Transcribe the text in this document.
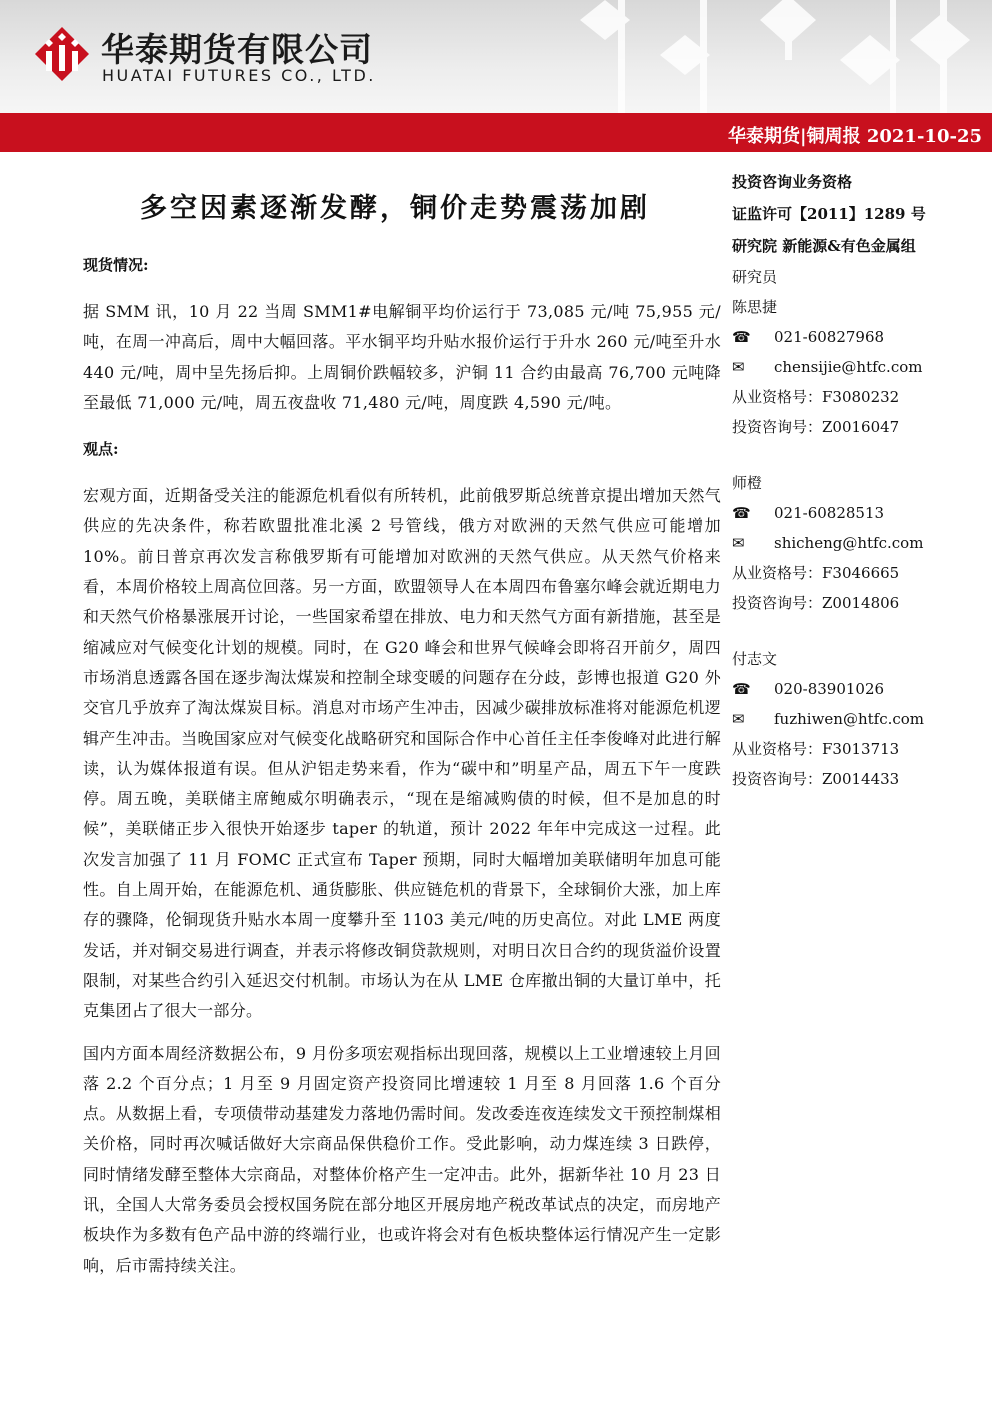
华泰期货有限公司
HUATAI FUTURES CO., LTD.
华泰期货|铜周报 2021-10-25
多空因素逐渐发酵，铜价走势震荡加剧
现货情况:

据 SMM 讯，10 月 22 当周 SMM1#电解铜平均价运行于 73,085 元/吨 75,955 元/吨，在周一冲高后，周中大幅回落。平水铜平均升贴水报价运行于升水 260 元/吨至升水 440 元/吨，周中呈先扬后抑。上周铜价跌幅较多，沪铜 11 合约由最高 76,700 元吨降至最低 71,000 元/吨，周五夜盘收 71,480 元/吨，周度跌 4,590 元/吨。

观点:

宏观方面，近期备受关注的能源危机看似有所转机，此前俄罗斯总统普京提出增加天然气供应的先决条件，称若欧盟批准北溪 2 号管线，俄方对欧洲的天然气供应可能增加 10%。前日普京再次发言称俄罗斯有可能增加对欧洲的天然气供应。从天然气价格来看，本周价格较上周高位回落。另一方面，欧盟领导人在本周四布鲁塞尔峰会就近期电力和天然气价格暴涨展开讨论，一些国家希望在排放、电力和天然气方面有新措施，甚至是缩减应对气候变化计划的规模。同时，在 G20 峰会和世界气候峰会即将召开前夕，周四市场消息透露各国在逐步淘汰煤炭和控制全球变暖的问题存在分歧，彭博也报道 G20 外交官几乎放弃了淘汰煤炭目标。消息对市场产生冲击，因减少碳排放标准将对能源危机逻辑产生冲击。当晚国家应对气候变化战略研究和国际合作中心首任主任李俊峰对此进行解读，认为媒体报道有误。但从沪铝走势来看，作为“碳中和”明星产品，周五下午一度跌停。周五晚，美联储主席鲍威尔明确表示，“现在是缩减购债的时候，但不是加息的时候”，美联储正步入很快开始逐步 taper 的轨道，预计 2022 年年中完成这一过程。此次发言加强了 11 月 FOMC 正式宣布 Taper 预期，同时大幅增加美联储明年加息可能性。自上周开始，在能源危机、通货膨胀、供应链危机的背景下，全球铜价大涨，加上库存的骤降，伦铜现货升贴水本周一度攀升至 1103 美元/吨的历史高位。对此 LME 两度发话，并对铜交易进行调查，并表示将修改铜贷款规则，对明日次日合约的现货溢价设置限制，对某些合约引入延迟交付机制。市场认为在从 LME 仓库撤出铜的大量订单中，托克集团占了很大一部分。

国内方面本周经济数据公布，9 月份多项宏观指标出现回落，规模以上工业增速较上月回落 2.2 个百分点；1 月至 9 月固定资产投资同比增速较 1 月至 8 月回落 1.6 个百分点。从数据上看，专项债带动基建发力落地仍需时间。发改委连夜连续发文干预控制煤相关价格，同时再次喊话做好大宗商品保供稳价工作。受此影响，动力煤连续 3 日跌停，同时情绪发酵至整体大宗商品，对整体价格产生一定冲击。此外，据新华社 10 月 23 日讯，全国人大常务委员会授权国务院在部分地区开展房地产税改革试点的决定，而房地产板块作为多数有色产品中游的终端行业，也或许将会对有色板块整体运行情况产生一定影响，后市需持续关注。

投资咨询业务资格
证监许可【2011】1289 号
研究院 新能源&有色金属组
研究员
陈思捷
☎	021-60827968
✉	chensijie@htfc.com
从业资格号：F3080232
投资咨询号：Z0016047
师橙
☎	021-60828513
✉	shicheng@htfc.com
从业资格号：F3046665
投资咨询号：Z0014806
付志文
☎	020-83901026
✉	fuzhiwen@htfc.com
从业资格号：F3013713
投资咨询号：Z0014433
